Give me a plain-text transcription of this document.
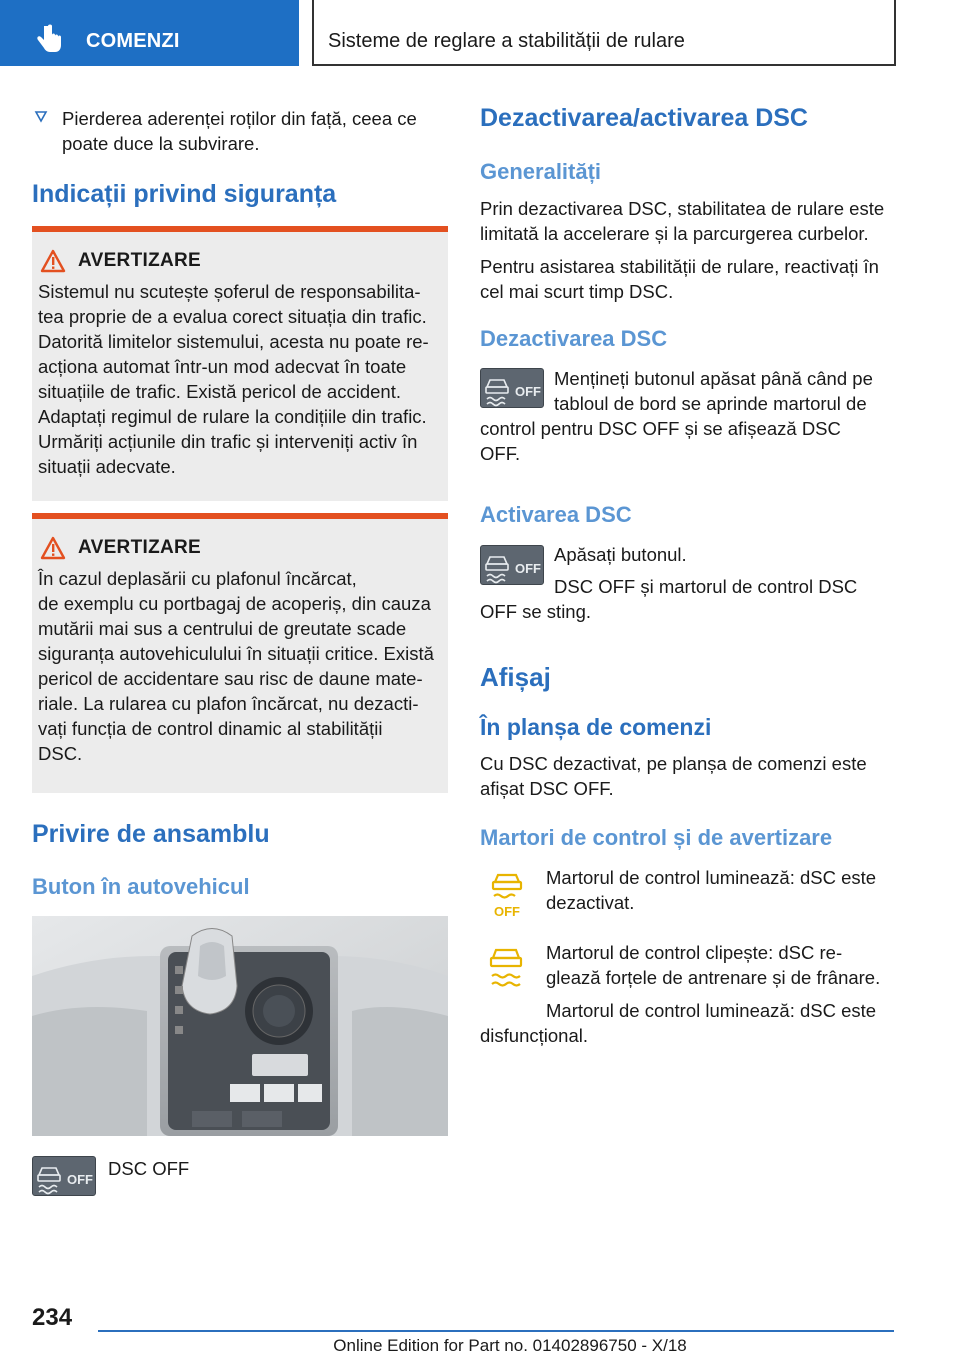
COMENZI	Sisteme de reglare a stabilității de rulare
Pierderea aderenței roților din față, ceea ce poate duce la subvirare.
Indicații privind siguranța
AVERTIZARE
Sistemul nu scutește șoferul de responsabilita-
tea proprie de a evalua corect situația din trafic.
Datorită limitelor sistemului, acesta nu poate re-
acționa automat într-un mod adecvat în toate
situațiile de trafic. Există pericol de accident.
Adaptați regimul de rulare la condițiile din trafic.
Urmăriți acțiunile din trafic și interveniți activ în
situații adecvate.
AVERTIZARE
În cazul deplasării cu plafonul încărcat,
de exemplu cu portbagaj de acoperiș, din cauza
mutării mai sus a centrului de greutate scade
siguranța autovehiculului în situații critice. Există
pericol de accidentare sau risc de daune mate-
riale. La rularea cu plafon încărcat, nu dezacti-
vați funcția de control dinamic al stabilității
DSC.
Privire de ansamblu
Buton în autovehicul
OFF
DSC OFF
Dezactivarea/activarea DSC
Generalități
Prin dezactivarea DSC, stabilitatea de rulare este
limitată la accelerare și la parcurgerea curbelor.
Pentru asistarea stabilității de rulare, reactivați în
cel mai scurt timp DSC.
Dezactivarea DSC
OFF
Mențineți butonul apăsat până când pe
tabloul de bord se aprinde martorul de
control pentru DSC OFF și se afișează DSC
OFF.
Activarea DSC
OFF
Apăsați butonul.
DSC OFF și martorul de control DSC
OFF se sting.
Afișaj
În planșa de comenzi
Cu DSC dezactivat, pe planșa de comenzi este
afișat DSC OFF.
Martori de control și de avertizare
OFF
Martorul de control luminează: dSC este
dezactivat.
Martorul de control clipește: dSC re-
glează forțele de antrenare și de frânare.
Martorul de control luminează: dSC este
disfuncțional.
234
Online Edition for Part no. 01402896750 - X/18
